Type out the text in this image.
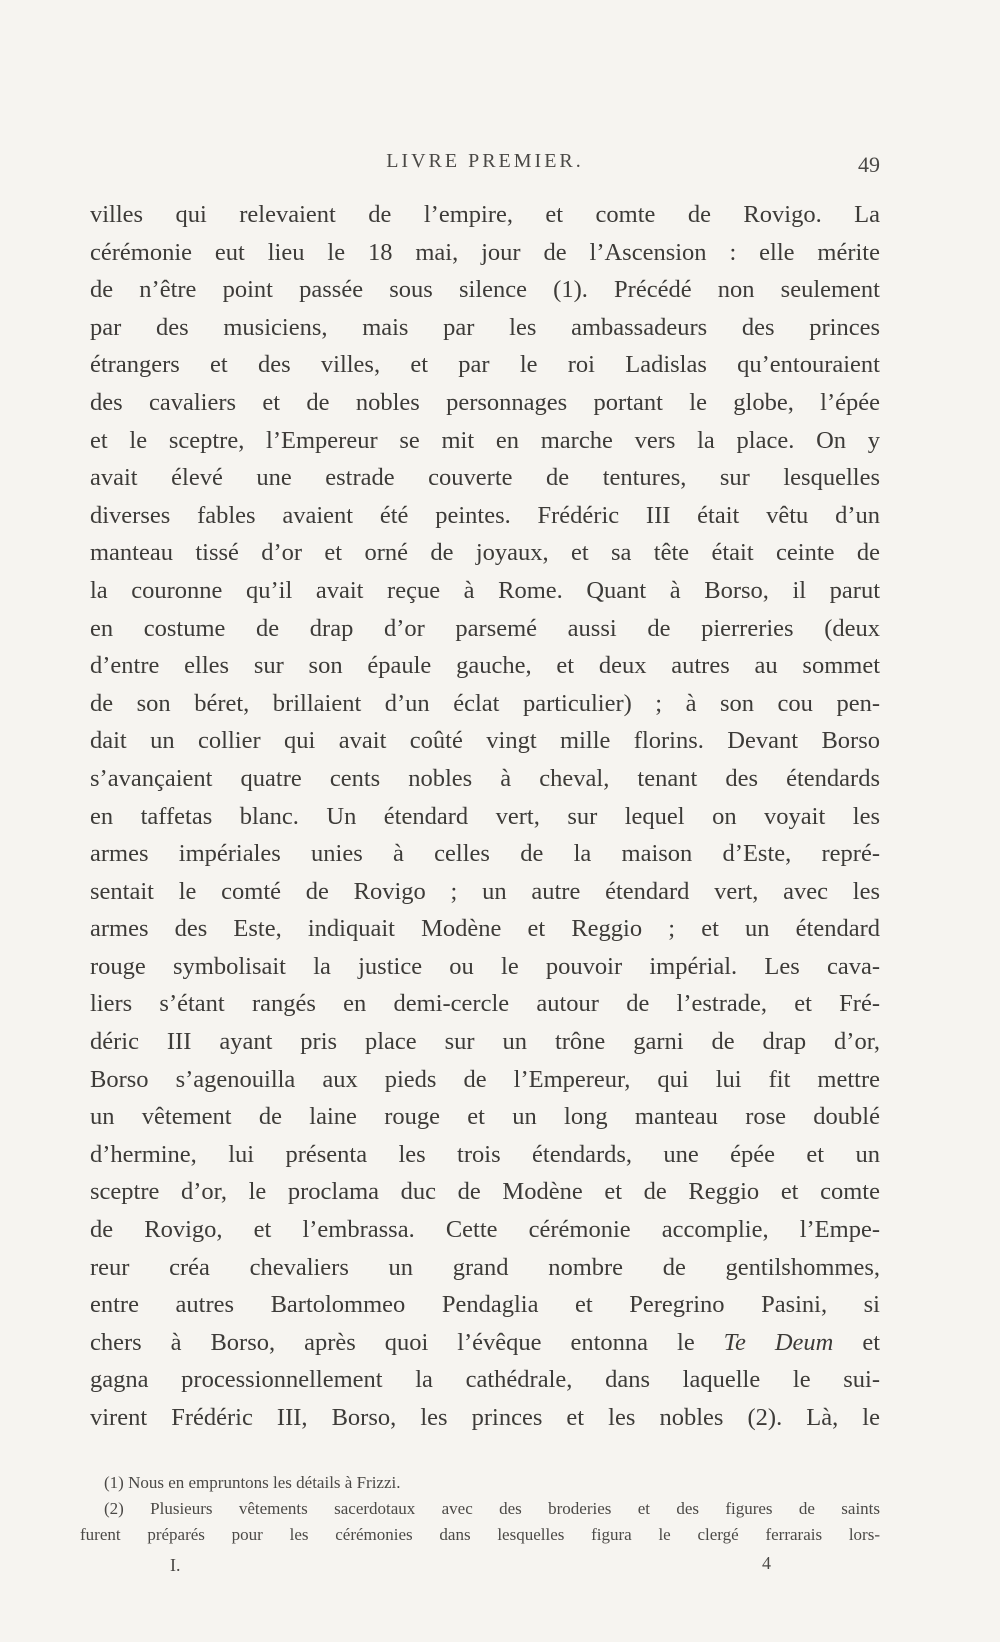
LIVRE PREMIER.	49
villes qui relevaient de l’empire, et comte de Rovigo. La
cérémonie eut lieu le 18 mai, jour de l’Ascension : elle mérite
de n’être point passée sous silence (1). Précédé non seulement
par des musiciens, mais par les ambassadeurs des princes
étrangers et des villes, et par le roi Ladislas qu’entouraient
des cavaliers et de nobles personnages portant le globe, l’épée
et le sceptre, l’Empereur se mit en marche vers la place. On y
avait élevé une estrade couverte de tentures, sur lesquelles
diverses fables avaient été peintes. Frédéric III était vêtu d’un
manteau tissé d’or et orné de joyaux, et sa tête était ceinte de
la couronne qu’il avait reçue à Rome. Quant à Borso, il parut
en costume de drap d’or parsemé aussi de pierreries (deux
d’entre elles sur son épaule gauche, et deux autres au sommet
de son béret, brillaient d’un éclat particulier) ; à son cou pen-
dait un collier qui avait coûté vingt mille florins. Devant Borso
s’avançaient quatre cents nobles à cheval, tenant des étendards
en taffetas blanc. Un étendard vert, sur lequel on voyait les
armes impériales unies à celles de la maison d’Este, repré-
sentait le comté de Rovigo ; un autre étendard vert, avec les
armes des Este, indiquait Modène et Reggio ; et un étendard
rouge symbolisait la justice ou le pouvoir impérial. Les cava-
liers s’étant rangés en demi-cercle autour de l’estrade, et Fré-
déric III ayant pris place sur un trône garni de drap d’or,
Borso s’agenouilla aux pieds de l’Empereur, qui lui fit mettre
un vêtement de laine rouge et un long manteau rose doublé
d’hermine, lui présenta les trois étendards, une épée et un
sceptre d’or, le proclama duc de Modène et de Reggio et comte
de Rovigo, et l’embrassa. Cette cérémonie accomplie, l’Empe-
reur créa chevaliers un grand nombre de gentilshommes,
entre autres Bartolommeo Pendaglia et Peregrino Pasini, si
chers à Borso, après quoi l’évêque entonna le Te Deum et
gagna processionnellement la cathédrale, dans laquelle le sui-
virent Frédéric III, Borso, les princes et les nobles (2). Là, le
(1) Nous en empruntons les détails à Frizzi.
(2) Plusieurs vêtements sacerdotaux avec des broderies et des figures de saints
furent préparés pour les cérémonies dans lesquelles figura le clergé ferrarais lors-
I.	4
